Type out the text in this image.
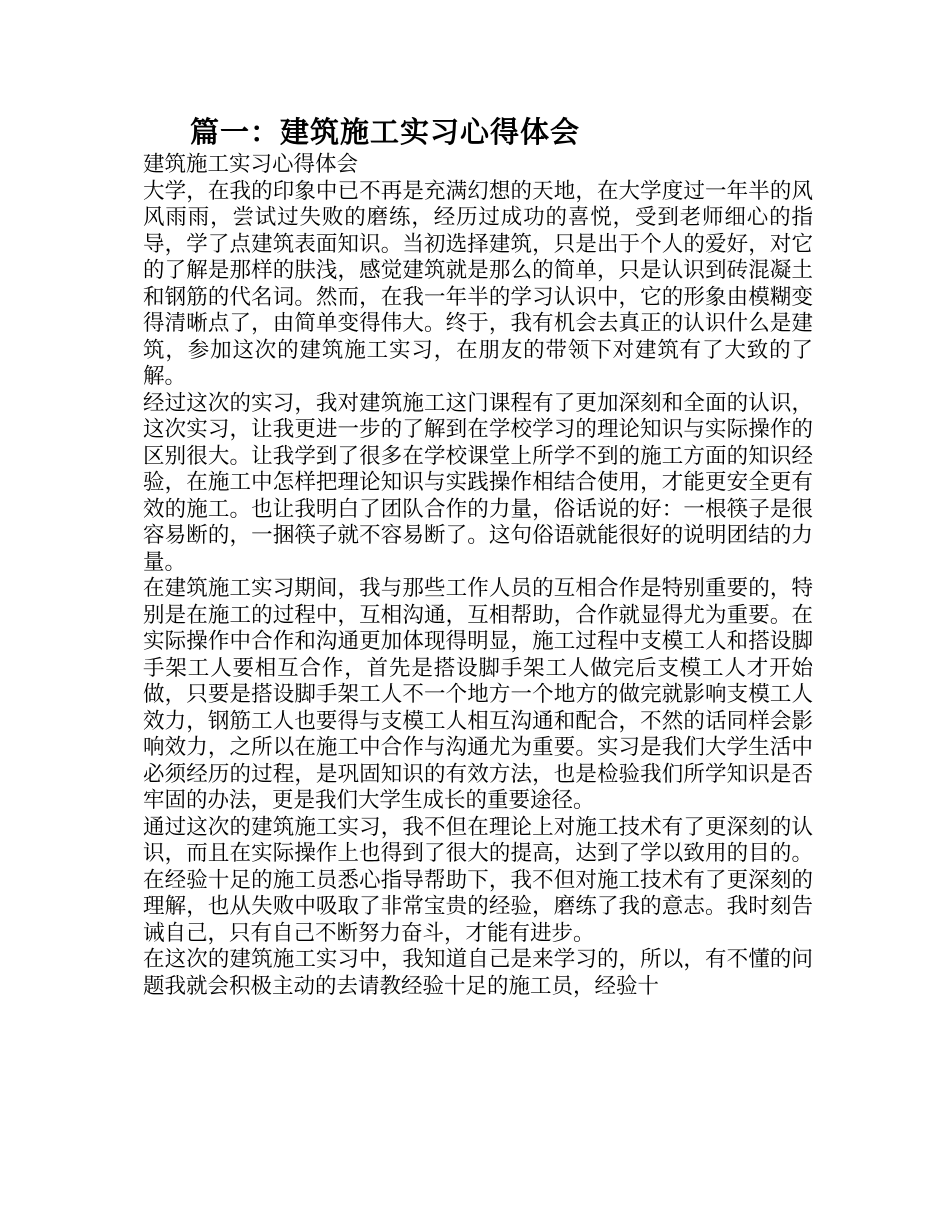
篇一：建筑施工实习心得体会

建筑施工实习心得体会

大学，在我的印象中已不再是充满幻想的天地，在大学度过一年半的风风雨雨，尝试过失败的磨练，经历过成功的喜悦，受到老师细心的指导，学了点建筑表面知识。当初选择建筑，只是出于个人的爱好，对它的了解是那样的肤浅，感觉建筑就是那么的简单，只是认识到砖混凝土和钢筋的代名词。然而，在我一年半的学习认识中，它的形象由模糊变得清晰点了，由简单变得伟大。终于，我有机会去真正的认识什么是建筑，参加这次的建筑施工实习，在朋友的带领下对建筑有了大致的了解。

经过这次的实习，我对建筑施工这门课程有了更加深刻和全面的认识，这次实习，让我更进一步的了解到在学校学习的理论知识与实际操作的区别很大。让我学到了很多在学校课堂上所学不到的施工方面的知识经验，在施工中怎样把理论知识与实践操作相结合使用，才能更安全更有效的施工。也让我明白了团队合作的力量，俗话说的好：一根筷子是很容易断的，一捆筷子就不容易断了。这句俗语就能很好的说明团结的力量。

在建筑施工实习期间，我与那些工作人员的互相合作是特别重要的，特别是在施工的过程中，互相沟通，互相帮助，合作就显得尤为重要。在实际操作中合作和沟通更加体现得明显，施工过程中支模工人和搭设脚手架工人要相互合作，首先是搭设脚手架工人做完后支模工人才开始做，只要是搭设脚手架工人不一个地方一个地方的做完就影响支模工人效力，钢筋工人也要得与支模工人相互沟通和配合，不然的话同样会影响效力，之所以在施工中合作与沟通尤为重要。实习是我们大学生活中必须经历的过程，是巩固知识的有效方法，也是检验我们所学知识是否牢固的办法，更是我们大学生成长的重要途径。

通过这次的建筑施工实习，我不但在理论上对施工技术有了更深刻的认识，而且在实际操作上也得到了很大的提高，达到了学以致用的目的。在经验十足的施工员悉心指导帮助下，我不但对施工技术有了更深刻的理解，也从失败中吸取了非常宝贵的经验，磨练了我的意志。我时刻告诫自己，只有自己不断努力奋斗，才能有进步。

在这次的建筑施工实习中，我知道自己是来学习的，所以，有不懂的问题我就会积极主动的去请教经验十足的施工员，经验十
